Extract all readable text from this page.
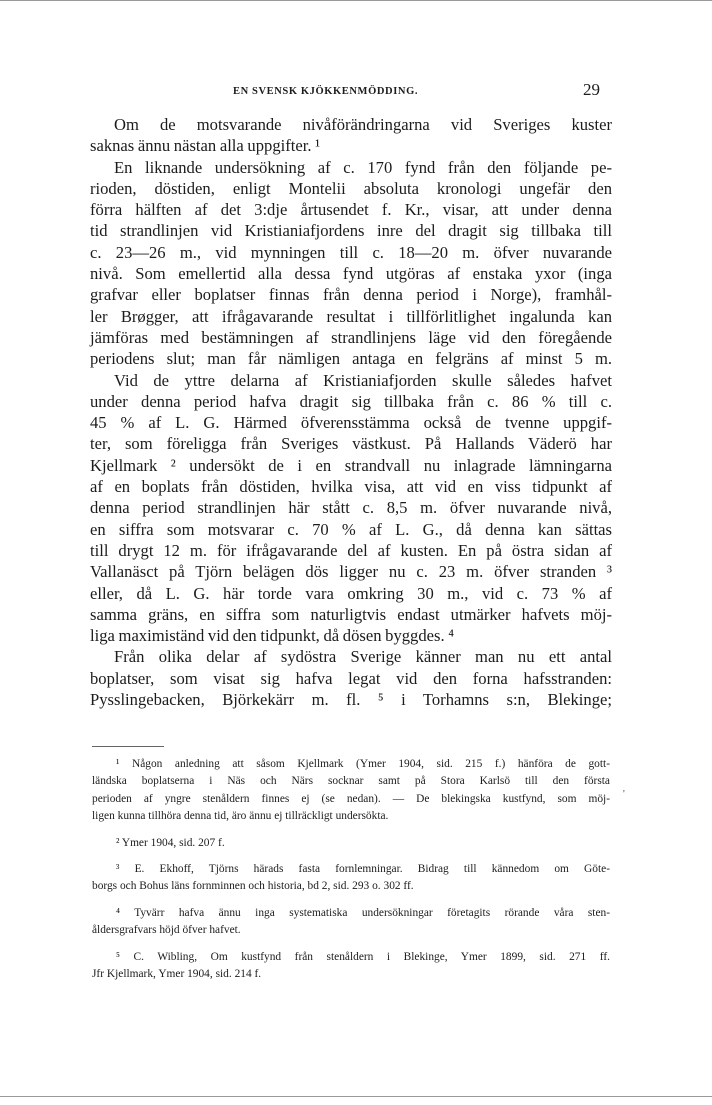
EN SVENSK KJÖKKENMÖDDING.	29
Om de motsvarande nivåförändringarna vid Sveriges kuster
saknas ännu nästan alla uppgifter. ¹
En liknande undersökning af c. 170 fynd från den följande pe-
rioden, döstiden, enligt Montelii absoluta kronologi ungefär den
förra hälften af det 3:dje årtusendet f. Kr., visar, att under denna
tid strandlinjen vid Kristianiafjordens inre del dragit sig tillbaka till
c. 23—26 m., vid mynningen till c. 18—20 m. öfver nuvarande
nivå. Som emellertid alla dessa fynd utgöras af enstaka yxor (inga
grafvar eller boplatser finnas från denna period i Norge), framhål-
ler Brøgger, att ifrågavarande resultat i tillförlitlighet ingalunda kan
jämföras med bestämningen af strandlinjens läge vid den föregående
periodens slut; man får nämligen antaga en felgräns af minst 5 m.
Vid de yttre delarna af Kristianiafjorden skulle således hafvet
under denna period hafva dragit sig tillbaka från c. 86 % till c.
45 % af L. G. Härmed öfverensstämma också de tvenne uppgif-
ter, som föreligga från Sveriges västkust. På Hallands Väderö har
Kjellmark ² undersökt de i en strandvall nu inlagrade lämningarna
af en boplats från döstiden, hvilka visa, att vid en viss tidpunkt af
denna period strandlinjen här stått c. 8,5 m. öfver nuvarande nivå,
en siffra som motsvarar c. 70 % af L. G., då denna kan sättas
till drygt 12 m. för ifrågavarande del af kusten. En på östra sidan af
Vallanäsct på Tjörn belägen dös ligger nu c. 23 m. öfver stranden ³
eller, då L. G. här torde vara omkring 30 m., vid c. 73 % af
samma gräns, en siffra som naturligtvis endast utmärker hafvets möj-
liga maximiständ vid den tidpunkt, då dösen byggdes. ⁴
Från olika delar af sydöstra Sverige känner man nu ett antal
boplatser, som visat sig hafva legat vid den forna hafsstranden:
Pysslingebacken, Björkekärr m. fl. ⁵ i Torhamns s:n, Blekinge;
¹ Någon anledning att såsom Kjellmark (Ymer 1904, sid. 215 f.) hänföra de gott-
ländska boplatserna i Näs och Närs socknar samt på Stora Karlsö till den första
perioden af yngre stenåldern finnes ej (se nedan). — De blekingska kustfynd, som möj-
ligen kunna tillhöra denna tid, äro ännu ej tillräckligt undersökta.
² Ymer 1904, sid. 207 f.
³ E. Ekhoff, Tjörns härads fasta fornlemningar. Bidrag till kännedom om Göte-
borgs och Bohus läns fornminnen och historia, bd 2, sid. 293 o. 302 ff.
⁴ Tyvärr hafva ännu inga systematiska undersökningar företagits rörande våra sten-
åldersgrafvars höjd öfver hafvet.
⁵ C. Wibling, Om kustfynd från stenåldern i Blekinge, Ymer 1899, sid. 271 ff.
Jfr Kjellmark, Ymer 1904, sid. 214 f.
'
